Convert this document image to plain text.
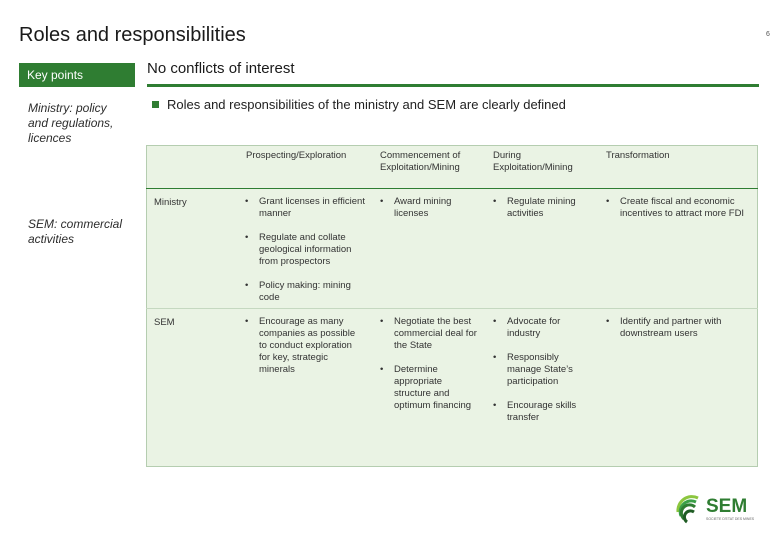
Roles and responsibilities	6
Key points
Ministry: policy and regulations, licences
SEM: commercial activities
No conflicts of interest
Roles and responsibilities of the ministry and SEM are clearly defined
Prospecting/Exploration	Commencement of Exploitation/Mining
During Exploitation/Mining
Transformation
Ministry
SEM
• Grant licenses in efficient manner
• Regulate and collate geological information from prospectors
• Policy making: mining code
• Award mining licenses
• Regulate mining activities
• Create fiscal and economic incentives to attract more FDI
• Encourage as many companies as possible to conduct exploration for key, strategic minerals
• Negotiate the best commercial deal for the State
• Determine appropriate structure and optimum financing
• Advocate for industry
• Responsibly manage State’s participation
• Encourage skills transfer
• Identify and partner with downstream users
SEM
SOCIETE D'ETAT DES MINES
